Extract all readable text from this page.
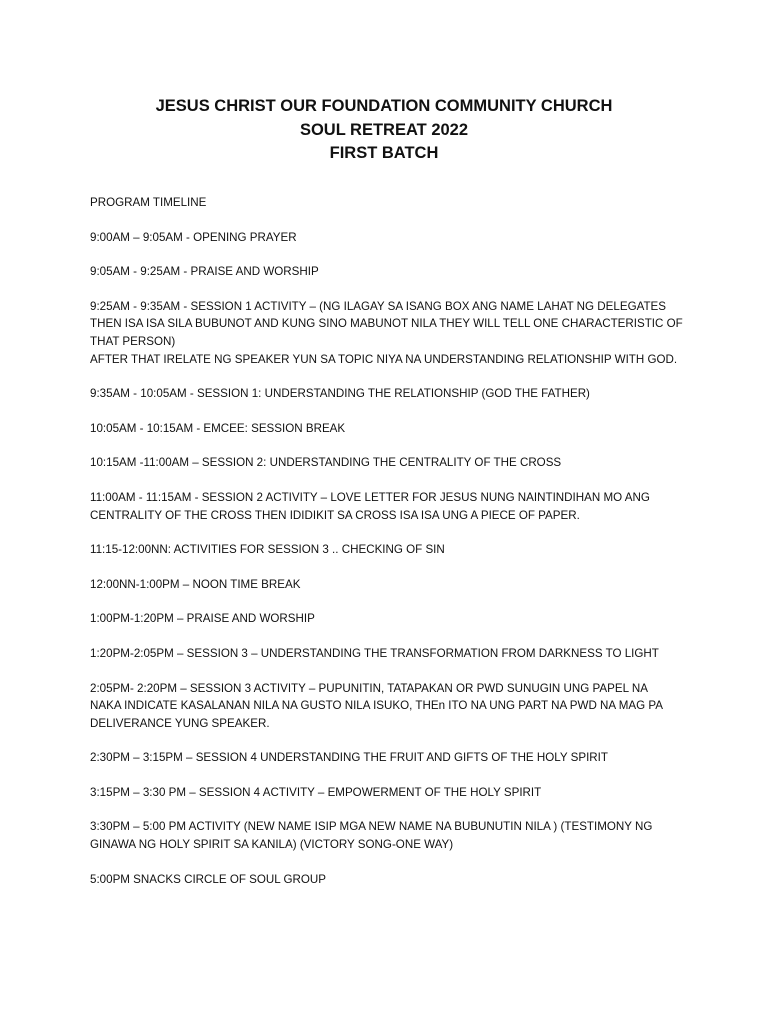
JESUS CHRIST OUR FOUNDATION COMMUNITY CHURCH
SOUL RETREAT 2022
FIRST BATCH
PROGRAM TIMELINE
9:00AM – 9:05AM - OPENING PRAYER
9:05AM - 9:25AM - PRAISE AND WORSHIP
9:25AM - 9:35AM - SESSION 1 ACTIVITY – (NG ILAGAY SA ISANG BOX ANG NAME LAHAT NG DELEGATES
THEN ISA ISA SILA BUBUNOT AND KUNG SINO MABUNOT NILA THEY WILL TELL ONE CHARACTERISTIC OF
THAT PERSON)
AFTER THAT IRELATE NG SPEAKER YUN SA TOPIC NIYA NA UNDERSTANDING RELATIONSHIP WITH GOD.
9:35AM - 10:05AM - SESSION 1: UNDERSTANDING THE RELATIONSHIP (GOD THE FATHER)
10:05AM - 10:15AM - EMCEE: SESSION BREAK
10:15AM -11:00AM – SESSION 2: UNDERSTANDING THE CENTRALITY OF THE CROSS
11:00AM - 11:15AM - SESSION 2 ACTIVITY – LOVE LETTER FOR JESUS NUNG NAINTINDIHAN MO ANG
CENTRALITY OF THE CROSS THEN IDIDIKIT SA CROSS ISA ISA UNG A PIECE OF PAPER.
11:15-12:00NN: ACTIVITIES FOR SESSION 3 .. CHECKING OF SIN
12:00NN-1:00PM – NOON TIME BREAK
1:00PM-1:20PM – PRAISE AND WORSHIP
1:20PM-2:05PM – SESSION 3 – UNDERSTANDING THE TRANSFORMATION FROM DARKNESS TO LIGHT
2:05PM- 2:20PM – SESSION 3 ACTIVITY – PUPUNITIN, TATAPAKAN OR PWD SUNUGIN UNG PAPEL NA
NAKA INDICATE KASALANAN NILA NA GUSTO NILA ISUKO, THEn ITO NA UNG PART NA PWD NA MAG PA
DELIVERANCE YUNG SPEAKER.
2:30PM – 3:15PM – SESSION 4 UNDERSTANDING THE FRUIT AND GIFTS OF THE HOLY SPIRIT
3:15PM – 3:30 PM – SESSION 4 ACTIVITY – EMPOWERMENT OF THE HOLY SPIRIT
3:30PM – 5:00 PM ACTIVITY (NEW NAME ISIP MGA NEW NAME NA BUBUNUTIN NILA ) (TESTIMONY NG
GINAWA NG HOLY SPIRIT SA KANILA) (VICTORY SONG-ONE WAY)
5:00PM SNACKS CIRCLE OF SOUL GROUP
